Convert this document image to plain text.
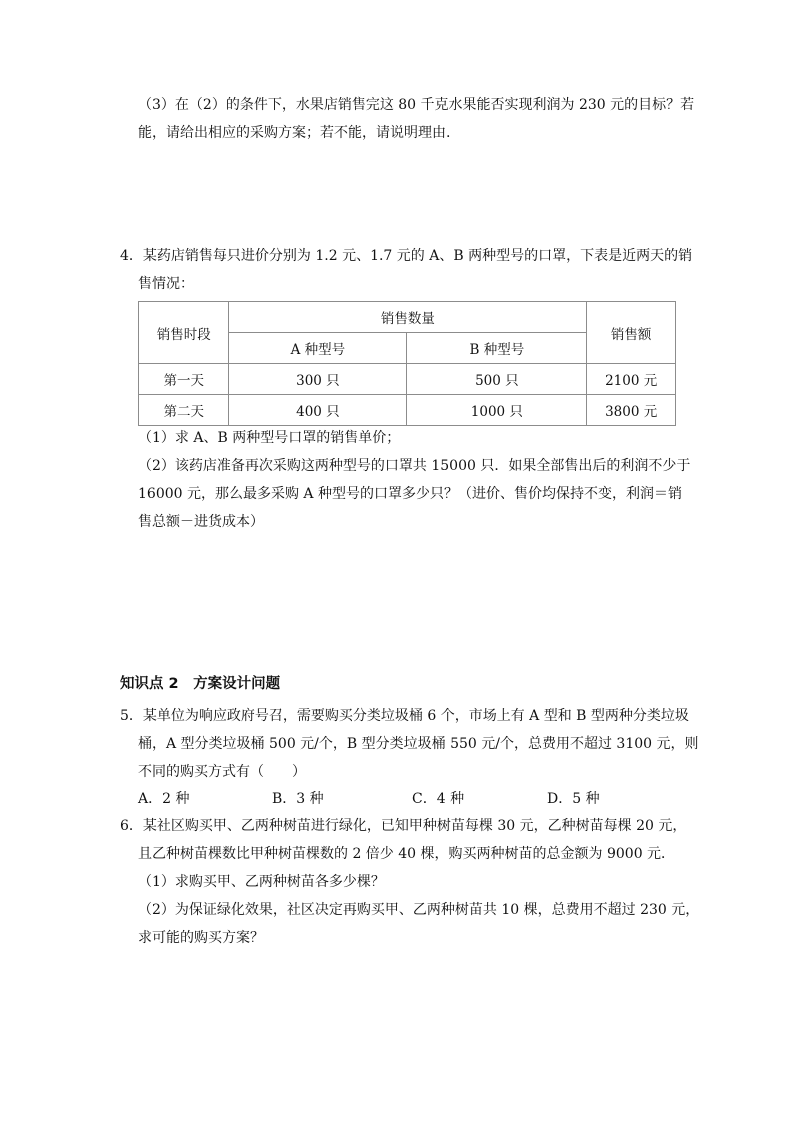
（3）在（2）的条件下，水果店销售完这 80 千克水果能否实现利润为 230 元的目标？若
能，请给出相应的采购方案；若不能，请说明理由.
4．某药店销售每只进价分别为 1.2 元、1.7 元的 A、B 两种型号的口罩，下表是近两天的销
售情况：
销售时段	销售数量		销售额
	A 种型号	B 种型号	
第一天	300 只	500 只	2100 元
第二天	400 只	1000 只	3800 元
（1）求 A、B 两种型号口罩的销售单价；
（2）该药店准备再次采购这两种型号的口罩共 15000 只．如果全部售出后的利润不少于
16000 元，那么最多采购 A 种型号的口罩多少只？（进价、售价均保持不变，利润＝销
售总额－进货成本）
知识点 2　方案设计问题
5．某单位为响应政府号召，需要购买分类垃圾桶 6 个，市场上有 A 型和 B 型两种分类垃圾
桶，A 型分类垃圾桶 500 元/个，B 型分类垃圾桶 550 元/个，总费用不超过 3100 元，则
不同的购买方式有（　　）
A．2 种	B．3 种	C．4 种	D．5 种
6．某社区购买甲、乙两种树苗进行绿化，已知甲种树苗每棵 30 元，乙种树苗每棵 20 元，
且乙种树苗棵数比甲种树苗棵数的 2 倍少 40 棵，购买两种树苗的总金额为 9000 元．
（1）求购买甲、乙两种树苗各多少棵？
（2）为保证绿化效果，社区决定再购买甲、乙两种树苗共 10 棵，总费用不超过 230 元，
求可能的购买方案？
